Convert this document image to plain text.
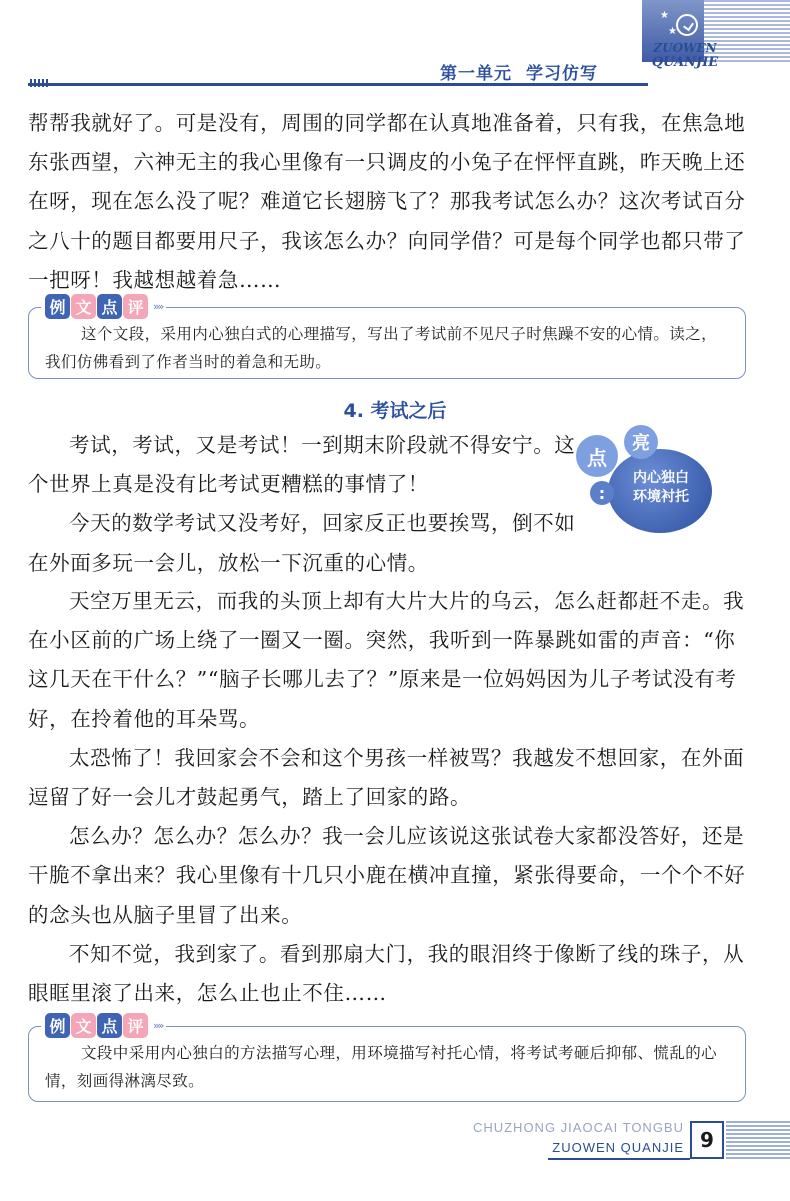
★
★
ZUOWEN
QUANJIE
第一单元 学习仿写

帮帮我就好了。可是没有，周围的同学都在认真地准备着，只有我，在焦急地东张西望，六神无主的我心里像有一只调皮的小兔子在怦怦直跳，昨天晚上还在呀，现在怎么没了呢？难道它长翅膀飞了？那我考试怎么办？这次考试百分之八十的题目都要用尺子，我该怎么办？向同学借？可是每个同学也都只带了一把呀！我越想越着急……

例 文 点 评 »»
这个文段，采用内心独白式的心理描写，写出了考试前不见尺子时焦躁不安的心情。读之，我们仿佛看到了作者当时的着急和无助。
4. 考试之后
点
亮
:
内心独白
环境衬托

考试，考试，又是考试！一到期末阶段就不得安宁。这个世界上真是没有比考试更糟糕的事情了！

今天的数学考试又没考好，回家反正也要挨骂，倒不如在外面多玩一会儿，放松一下沉重的心情。

天空万里无云，而我的头顶上却有大片大片的乌云，怎么赶都赶不走。我在小区前的广场上绕了一圈又一圈。突然，我听到一阵暴跳如雷的声音：“你这几天在干什么？”“脑子长哪儿去了？”原来是一位妈妈因为儿子考试没有考好，在拎着他的耳朵骂。

太恐怖了！我回家会不会和这个男孩一样被骂？我越发不想回家，在外面逗留了好一会儿才鼓起勇气，踏上了回家的路。

怎么办？怎么办？怎么办？我一会儿应该说这张试卷大家都没答好，还是干脆不拿出来？我心里像有十几只小鹿在横冲直撞，紧张得要命，一个个不好的念头也从脑子里冒了出来。

不知不觉，我到家了。看到那扇大门，我的眼泪终于像断了线的珠子，从眼眶里滚了出来，怎么止也止不住……

例 文 点 评 »»
文段中采用内心独白的方法描写心理，用环境描写衬托心情，将考试考砸后抑郁、慌乱的心情，刻画得淋漓尽致。
CHUZHONG JIAOCAI TONGBU
ZUOWEN QUANJIE 9
